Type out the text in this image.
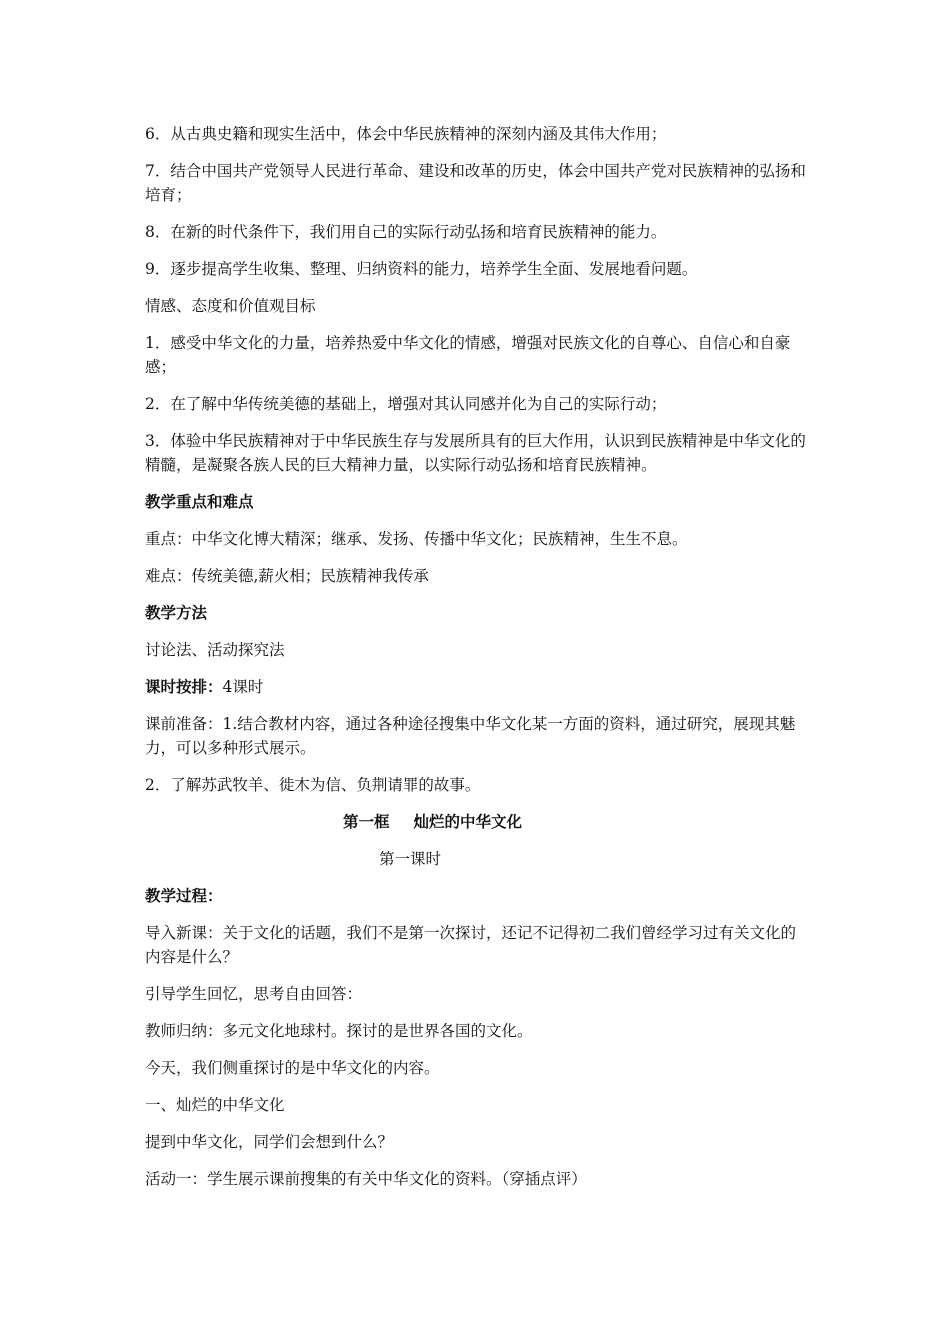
6．从古典史籍和现实生活中，体会中华民族精神的深刻内涵及其伟大作用；

7．结合中国共产党领导人民进行革命、建设和改革的历史，体会中国共产党对民族精神的弘扬和培育；

8．在新的时代条件下，我们用自己的实际行动弘扬和培育民族精神的能力。

9．逐步提高学生收集、整理、归纳资料的能力，培养学生全面、发展地看问题。

情感、态度和价值观目标

1．感受中华文化的力量，培养热爱中华文化的情感，增强对民族文化的自尊心、自信心和自豪感；

2．在了解中华传统美德的基础上，增强对其认同感并化为自己的实际行动；

3．体验中华民族精神对于中华民族生存与发展所具有的巨大作用，认识到民族精神是中华文化的精髓，是凝聚各族人民的巨大精神力量，以实际行动弘扬和培育民族精神。

教学重点和难点

重点：中华文化博大精深；继承、发扬、传播中华文化；民族精神，生生不息。

难点：传统美德,薪火相；民族精神我传承

教学方法

讨论法、活动探究法

课时按排：4课时

课前准备：1.结合教材内容，通过各种途径搜集中华文化某一方面的资料，通过研究，展现其魅力，可以多种形式展示。

2．了解苏武牧羊、徙木为信、负荆请罪的故事。

第一框 灿烂的中华文化

第一课时

教学过程：

导入新课：关于文化的话题，我们不是第一次探讨，还记不记得初二我们曾经学习过有关文化的内容是什么？

引导学生回忆，思考自由回答：

教师归纳：多元文化地球村。探讨的是世界各国的文化。

今天，我们侧重探讨的是中华文化的内容。

一、灿烂的中华文化

提到中华文化，同学们会想到什么？

活动一：学生展示课前搜集的有关中华文化的资料。（穿插点评）
